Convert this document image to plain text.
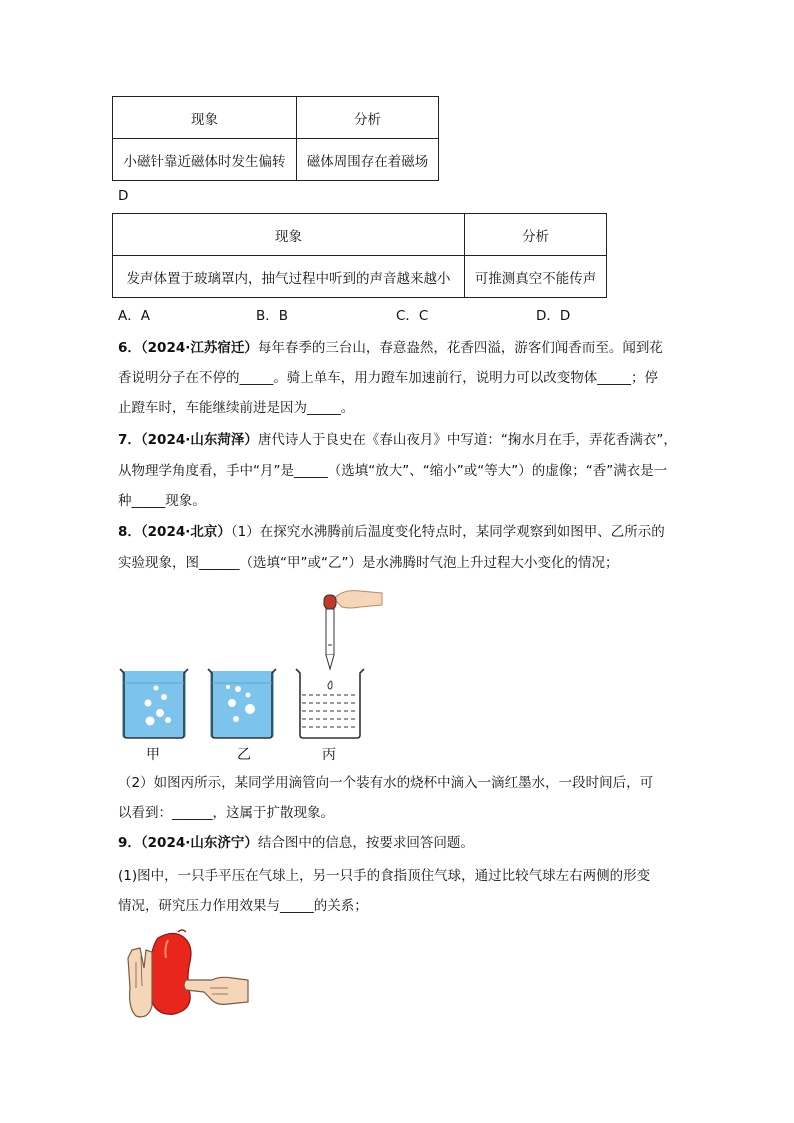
现象	分析
小磁针靠近磁体时发生偏转	磁体周围存在着磁场
D
现象	分析
发声体置于玻璃罩内，抽气过程中听到的声音越来越小	可推测真空不能传声
A．A	B．B	C．C	D．D
6．（2024·江苏宿迁）每年春季的三台山，春意盎然，花香四溢，游客们闻香而至。闻到花
香说明分子在不停的_____。骑上单车，用力蹬车加速前行，说明力可以改变物体_____；停
止蹬车时，车能继续前进是因为_____。
7．（2024·山东菏泽）唐代诗人于良史在《春山夜月》中写道：“掬水月在手，弄花香满衣”，
从物理学角度看，手中“月”是_____（选填“放大”、“缩小”或“等大”）的虚像；“香”满衣是一
种_____现象。
8．（2024·北京）（1）在探究水沸腾前后温度变化特点时，某同学观察到如图甲、乙所示的
实验现象，图______（选填“甲”或“乙”）是水沸腾时气泡上升过程大小变化的情况；
甲	乙	丙
（2）如图丙所示，某同学用滴管向一个装有水的烧杯中滴入一滴红墨水，一段时间后，可
以看到：______，这属于扩散现象。
9．（2024·山东济宁）结合图中的信息，按要求回答问题。
(1)图中，一只手平压在气球上，另一只手的食指顶住气球，通过比较气球左右两侧的形变
情况，研究压力作用效果与_____的关系；
